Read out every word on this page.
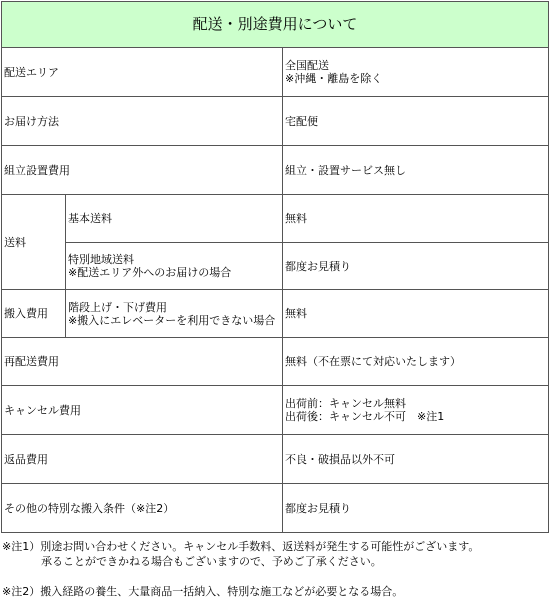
配送・別途費用について		
配送エリア		全国配送
※沖縄・離島を除く

お届け方法		宅配便
組立設置費用		組立・設置サービス無し
送料	基本送料	無料

	特別地域送料
※配送エリア外へのお届けの場合	都度お見積り
搬入費用	階段上げ・下げ費用
※搬入にエレベーターを利用できない場合	無料
再配送費用		無料（不在票にて対応いたします）
キャンセル費用		出荷前：キャンセル無料
出荷後：キャンセル不可　※注1

返品費用		不良・破損品以外不可
その他の特別な搬入条件（※注2）		都度お見積り

※注1）別途お問い合わせください。キャンセル手数料、返送料が発生する可能性がございます。

承ることができかねる場合もございますので、予めご了承ください。

※注2）搬入経路の養生、大量商品一括納入、特別な施工などが必要となる場合。
